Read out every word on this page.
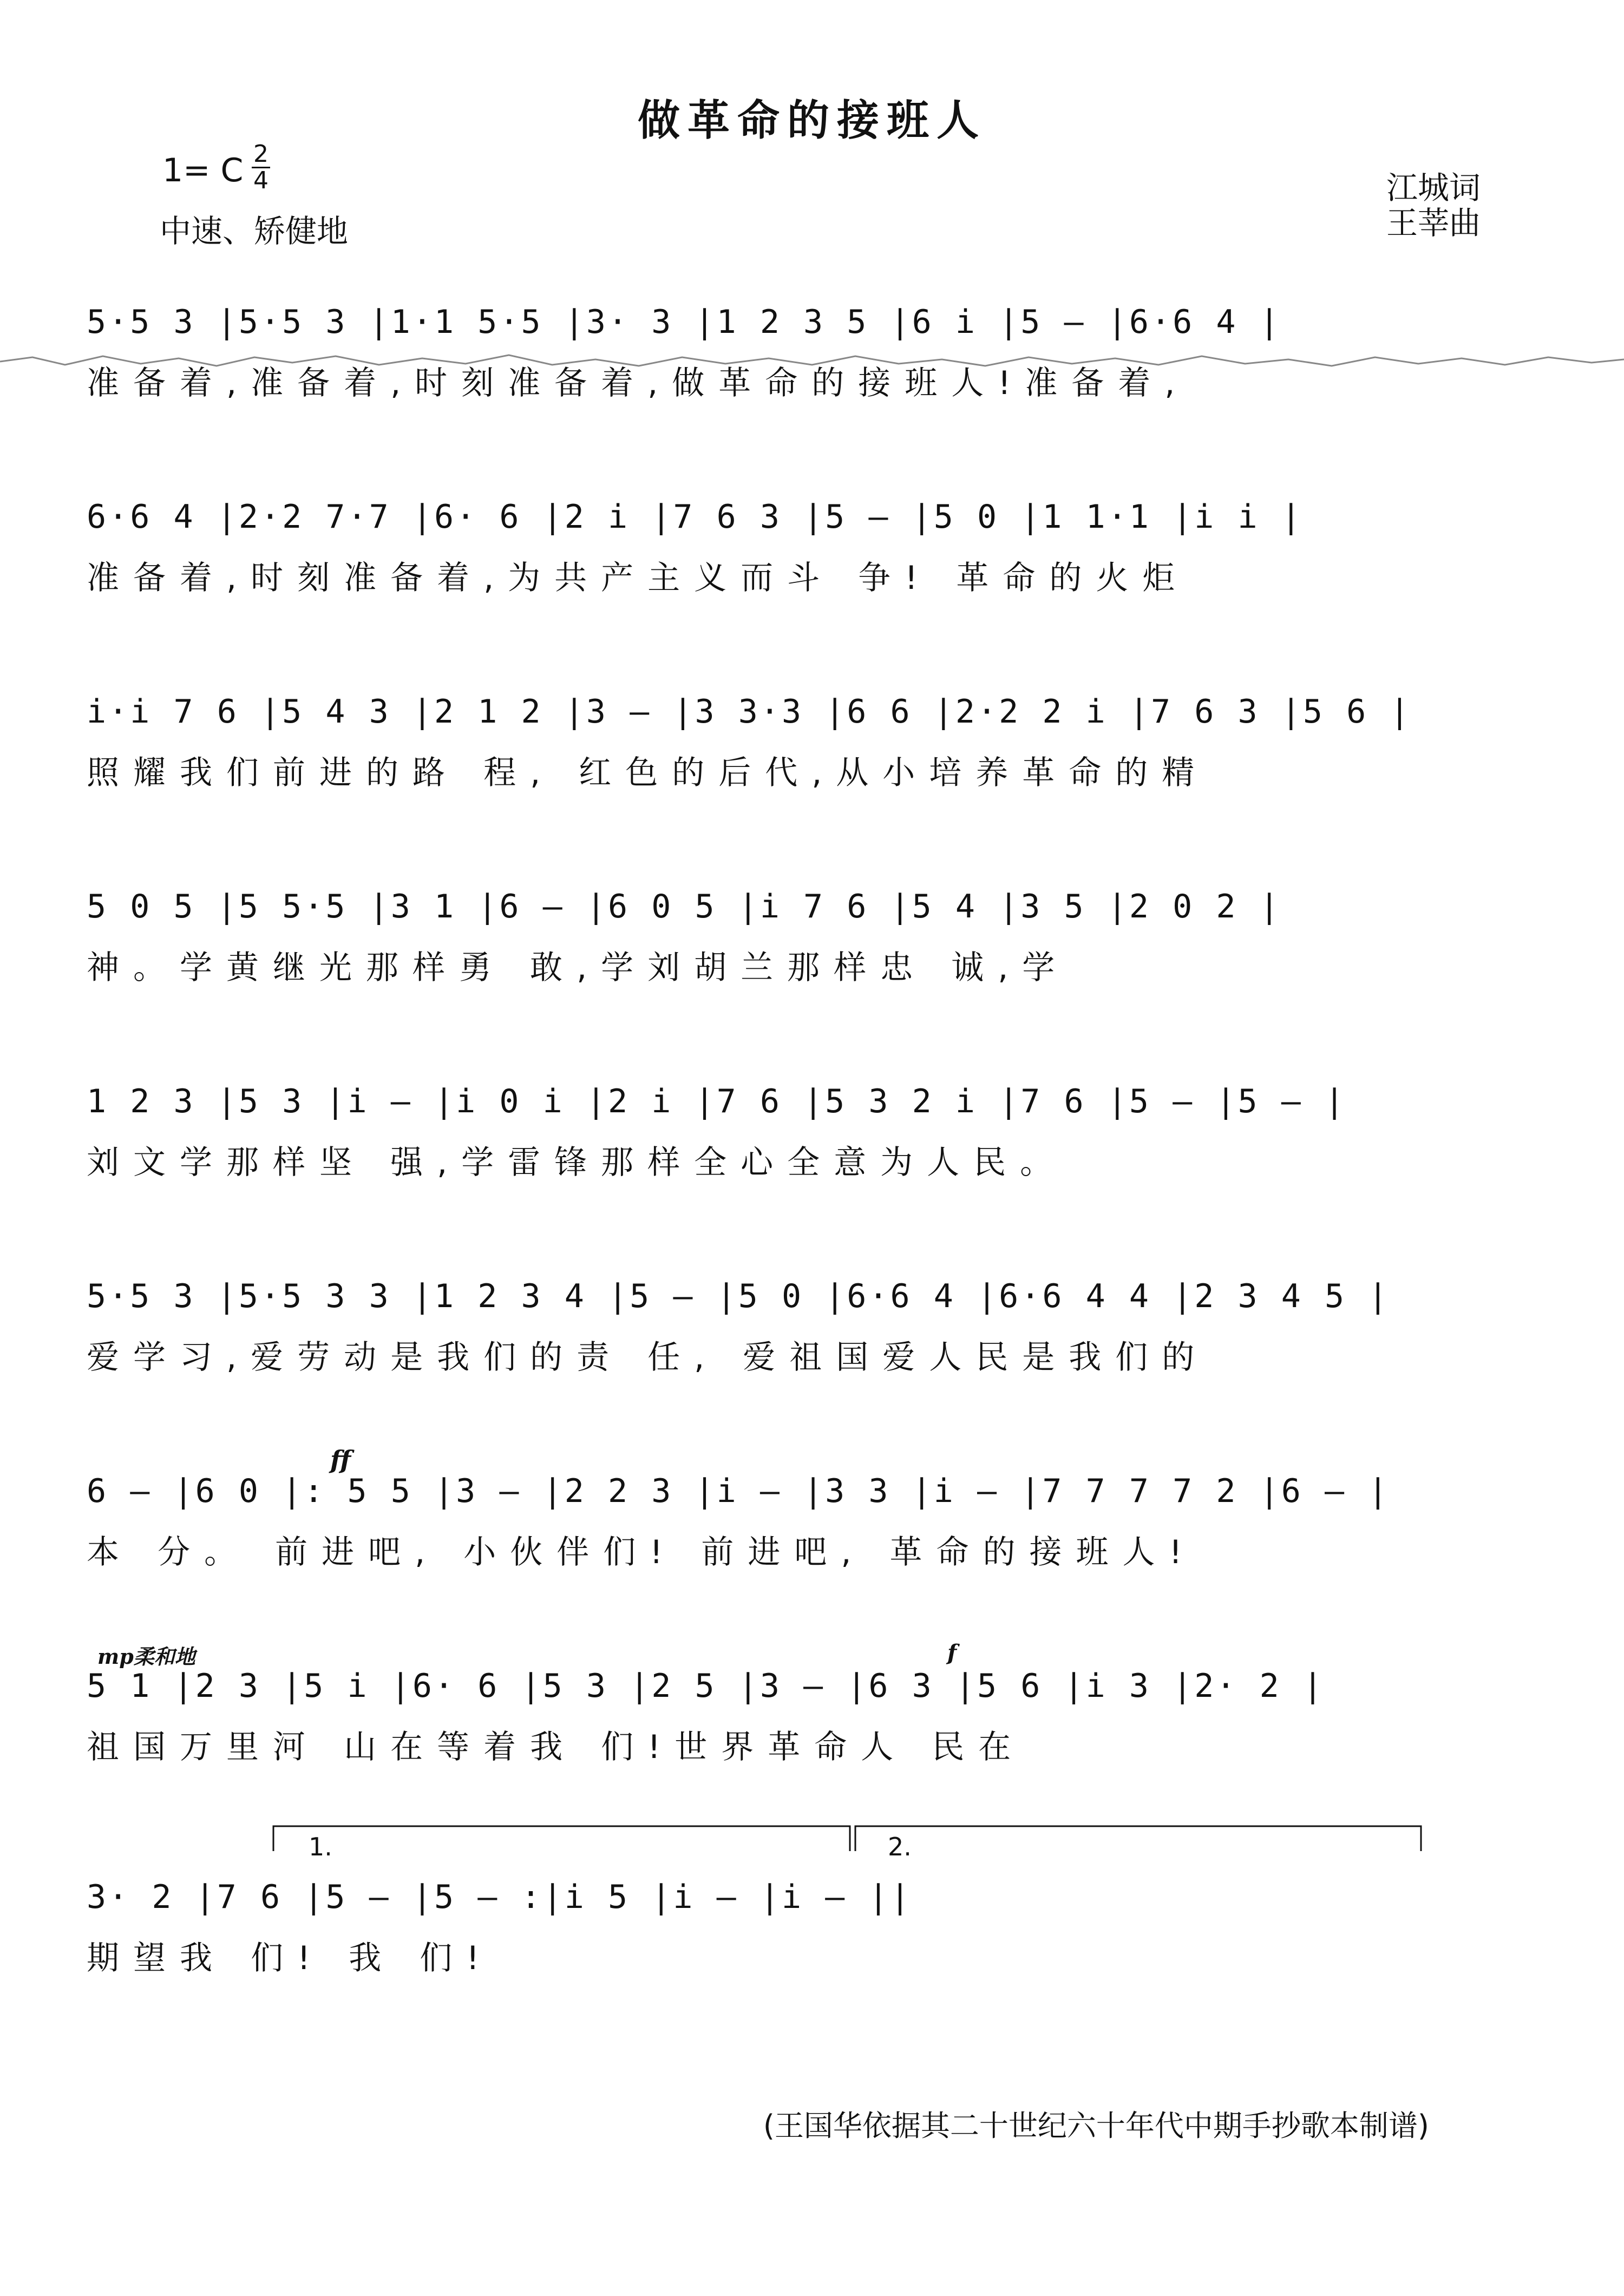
做革命的接班人
1= C 2
4
中速、矫健地
江城词
王莘曲
5·5 3 |5·5 3 |1·1 5·5 |3· 3 |1 2 3 5 |6 i |5 – |6·6 4 |
准备着,准备着,时刻准备着,做革命的接班人!准备着,
6·6 4 |2·2 7·7 |6· 6 |2 i |7 6 3 |5 – |5 0 |1 1·1 |i i |
准备着,时刻准备着,为共产主义而斗 争! 革命的火炬
i·i 7 6 |5 4 3 |2 1 2 |3 – |3 3·3 |6 6 |2·2 2 i |7 6 3 |5 6 |
照耀我们前进的路 程, 红色的后代,从小培养革命的精
5 0 5 |5 5·5 |3 1 |6 – |6 0 5 |i 7 6 |5 4 |3 5 |2 0 2 |
神。学黄继光那样勇 敢,学刘胡兰那样忠 诚,学
1 2 3 |5 3 |i – |i 0 i |2 i |7 6 |5 3 2 i |7 6 |5 – |5 – |
刘文学那样坚 强,学雷锋那样全心全意为人民。
5·5 3 |5·5 3 3 |1 2 3 4 |5 – |5 0 |6·6 4 |6·6 4 4 |2 3 4 5 |
爱学习,爱劳动是我们的责 任, 爱祖国爱人民是我们的
ff
6 – |6 0 |: 5 5 |3 – |2 2 3 |i – |3 3 |i – |7 7 7 7 2 |6 – |
本 分。 前进吧, 小伙伴们! 前进吧, 革命的接班人!
mp柔和地	f
5 1 |2 3 |5 i |6· 6 |5 3 |2 5 |3 – |6 3 |5 6 |i 3 |2· 2 |
祖国万里河 山在等着我 们!世界革命人 民在
1.	2.
3· 2 |7 6 |5 – |5 – :|i 5 |i – |i – ||
期望我 们! 我 们!
(王国华依据其二十世纪六十年代中期手抄歌本制谱)
